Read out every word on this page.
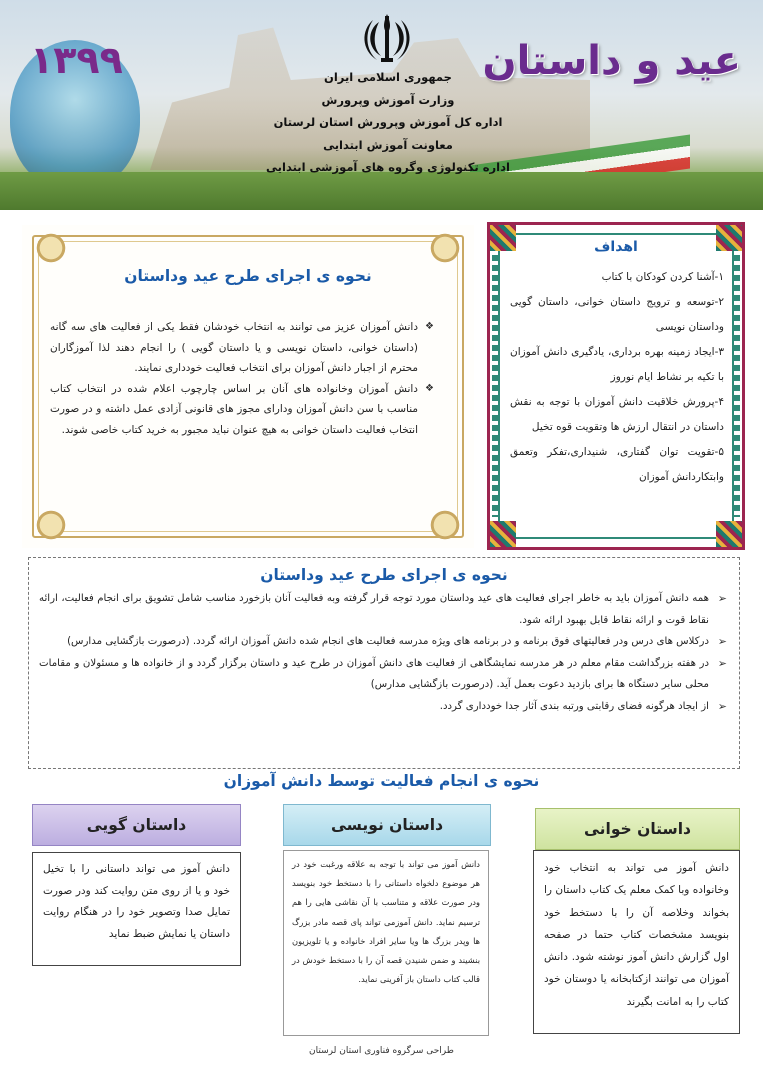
۱۳۹۹	عید و داستان
جمهوری اسلامی ایران
وزارت آموزش وپرورش
اداره کل آموزش وپرورش استان لرستان
معاونت آموزش ابتدایی
اداره تکنولوژی وگروه های آموزشی ابتدایی
اهداف
۱-آشنا کردن کودکان با کتاب
۲-توسعه و ترویج داستان خوانی، داستان گویی وداستان نویسی
۳-ایجاد زمینه بهره برداری، یادگیری دانش آموزان با تکیه بر نشاط ایام نوروز
۴-پرورش خلاقیت دانش آموزان با توجه به نقش داستان در انتقال ارزش ها وتقویت قوه تخیل
۵-تقویت توان گفتاری، شنیداری،تفکر وتعمق وابتکاردانش آموزان
نحوه ی اجرای طرح عید وداستان

❖ دانش آموزان عزیز می توانند به انتخاب خودشان فقط یکی از فعالیت های سه گانه (داستان خوانی، داستان نویسی و یا داستان گویی ) را انجام دهند لذا آموزگاران محترم از اجبار دانش آموزان برای انتخاب فعالیت خودداری نمایند.

❖ دانش آموزان وخانواده های آنان بر اساس چارچوب اعلام شده در انتخاب کتاب مناسب با سن دانش آموزان ودارای مجوز های قانونی آزادی عمل داشته و در صورت انتخاب فعالیت داستان خوانی به هیچ عنوان نباید مجبور به خرید کتاب خاصی شوند.

نحوه ی اجرای طرح عید وداستان
➢ همه دانش آموزان باید به خاطر اجرای فعالیت های عید وداستان مورد توجه قرار گرفته وبه فعالیت آنان بازخورد مناسب شامل تشویق برای انجام فعالیت، ارائه نقاط قوت و ارائه نقاط قابل بهبود ارائه شود.
➢ درکلاس های درس ودر فعالیتهای فوق برنامه و در برنامه های ویژه مدرسه فعالیت های انجام شده دانش آموزان ارائه گردد. (درصورت بازگشایی مدارس)
➢ در هفته بزرگداشت مقام معلم در هر مدرسه نمایشگاهی از فعالیت های دانش آموزان در طرح عید و داستان برگزار گردد و از خانواده ها و مسئولان و مقامات محلی سایر دستگاه ها برای بازدید دعوت بعمل آید. (درصورت بازگشایی مدارس)
➢ از ایجاد هرگونه فضای رقابتی ورتبه بندی آثار جدا خودداری گردد.
نحوه ی انجام فعالیت توسط دانش آموزان
داستان خوانی
دانش آموز می تواند به انتخاب خود وخانواده وبا کمک معلم یک کتاب داستان را بخواند وخلاصه آن را با دستخط خود بنویسد مشخصات کتاب حتما در صفحه اول گزارش دانش آموز نوشته شود. دانش آموزان می توانند ازکتابخانه یا دوستان خود کتاب را به امانت بگیرند
داستان نویسی
دانش آموز می تواند با توجه به علاقه ورغبت خود در هر موضوع دلخواه داستانی را با دستخط خود بنویسد ودر صورت علاقه و متناسب با آن نقاشی هایی را هم ترسیم نماید. دانش آموزمی تواند پای قصه مادر بزرگ ها وپدر بزرگ ها ویا سایر افراد خانواده و یا تلویزیون بنشیند و ضمن شنیدن قصه آن را با دستخط خودش در قالب کتاب داستان باز آفرینی نماید.
داستان گویی
دانش آموز می تواند داستانی را با تخیل خود و یا از روی متن روایت کند ودر صورت تمایل صدا وتصویر خود را در هنگام روایت داستان یا نمایش ضبط نماید
طراحی سرگروه فناوری استان لرستان
